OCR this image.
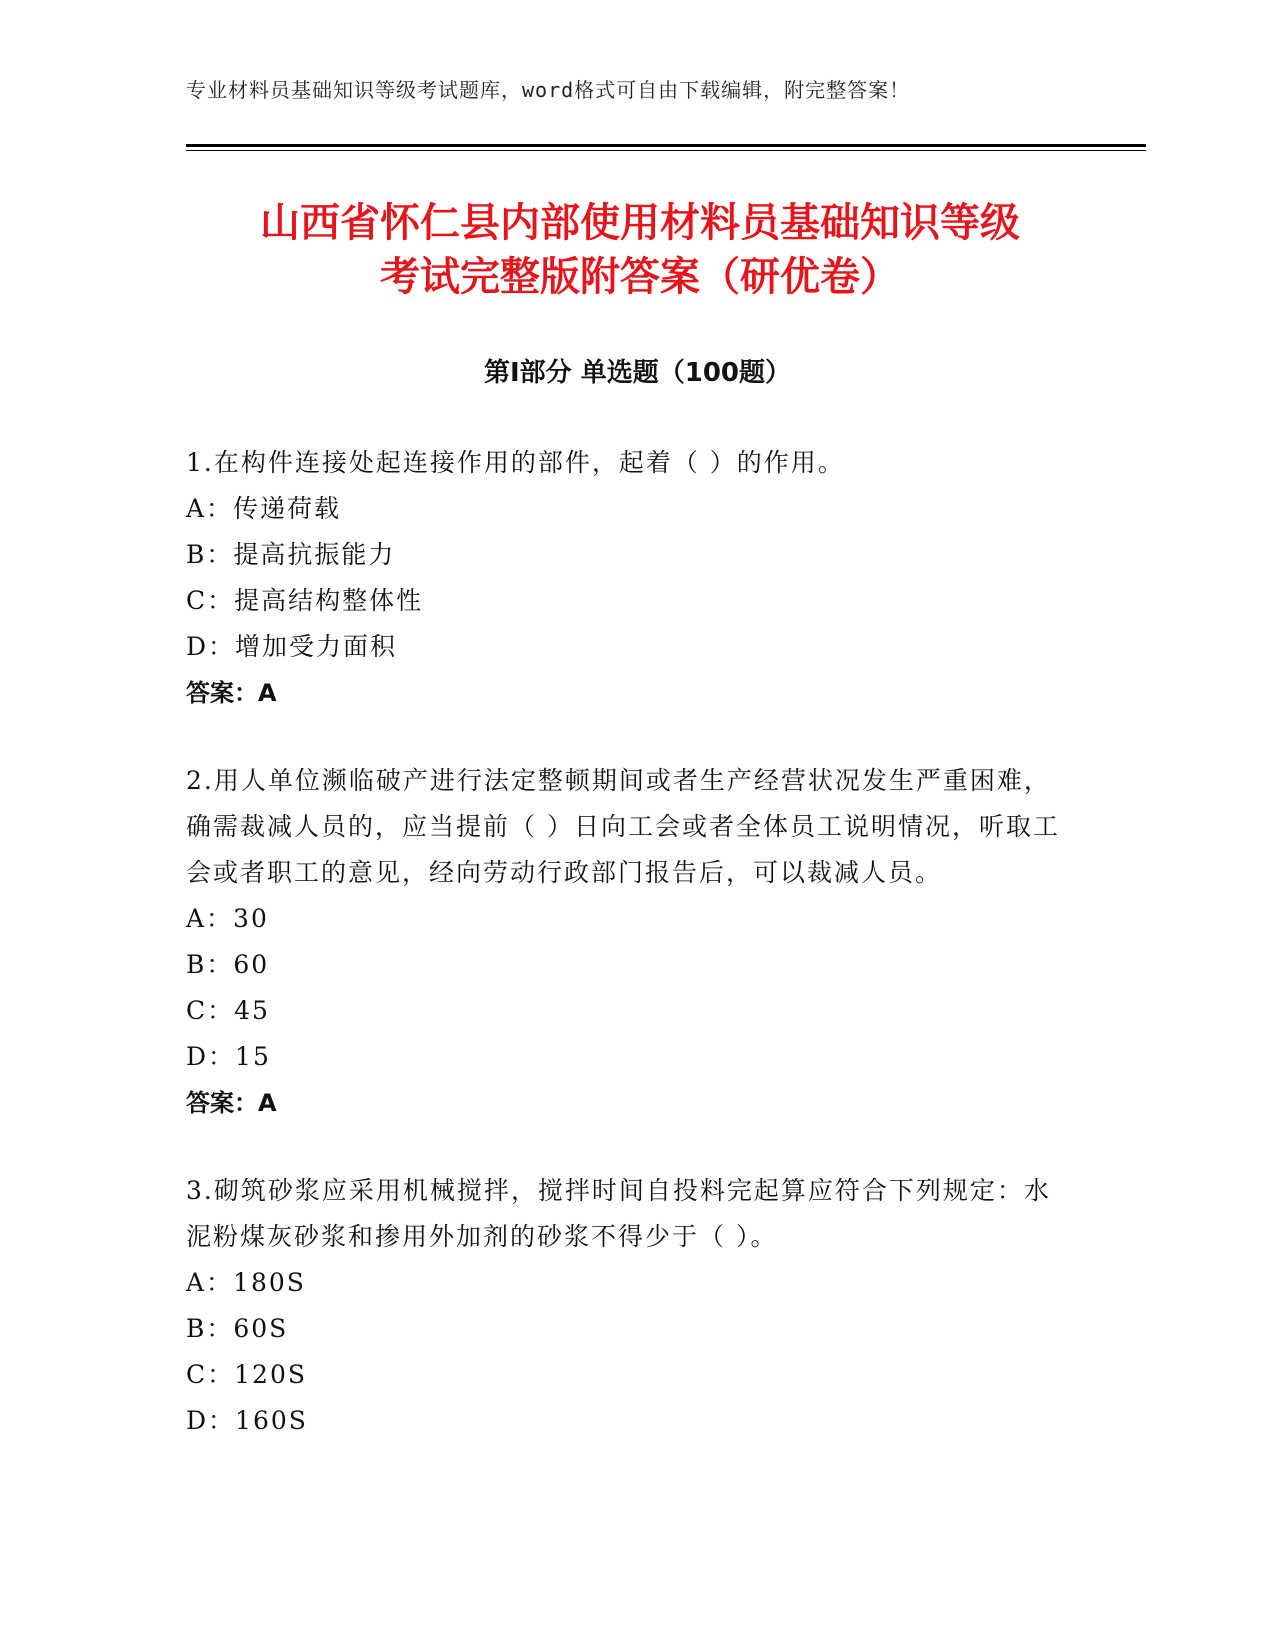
专业材料员基础知识等级考试题库，word格式可自由下载编辑，附完整答案！
山西省怀仁县内部使用材料员基础知识等级
考试完整版附答案（研优卷）
第Ⅰ部分 单选题（100题）
1.在构件连接处起连接作用的部件，起着（ ）的作用。
A：传递荷载
B：提高抗振能力
C：提高结构整体性
D：增加受力面积
答案：A
2.用人单位濒临破产进行法定整顿期间或者生产经营状况发生严重困难，确需裁减人员的，应当提前（ ）日向工会或者全体员工说明情况，听取工会或者职工的意见，经向劳动行政部门报告后，可以裁减人员。
A：30
B：60
C：45
D：15
答案：A
3.砌筑砂浆应采用机械搅拌，搅拌时间自投料完起算应符合下列规定：水泥粉煤灰砂浆和掺用外加剂的砂浆不得少于（ ）。
A：180S
B：60S
C：120S
D：160S
